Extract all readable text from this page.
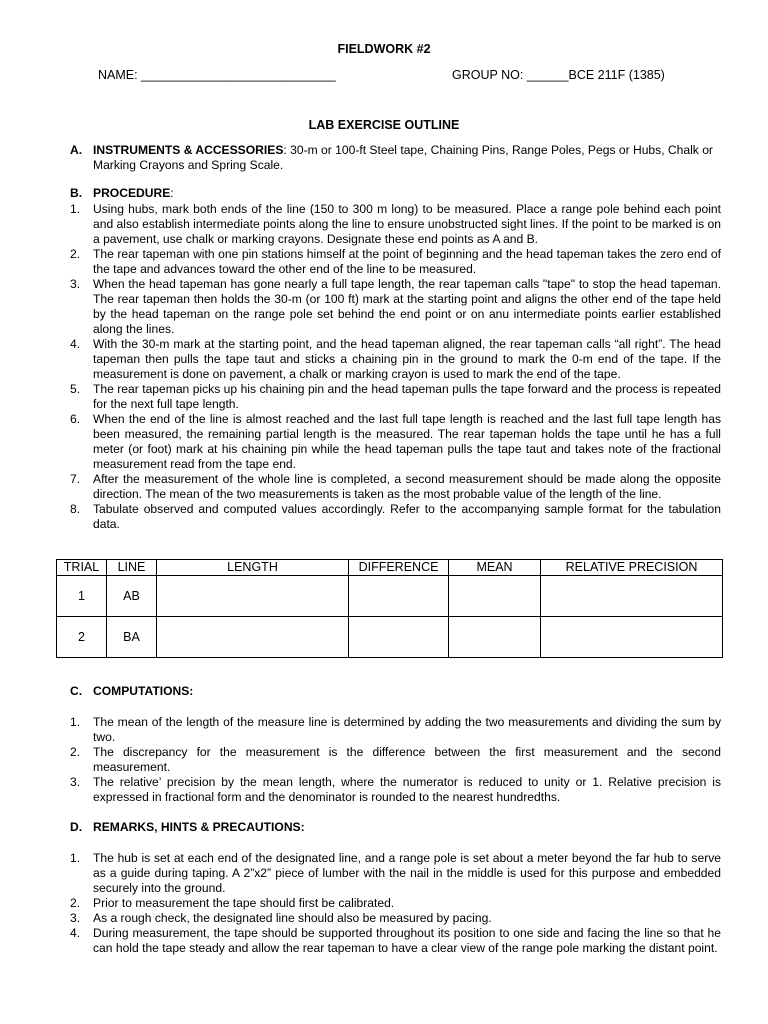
FIELDWORK #2
NAME: ____________________________	GROUP NO: ______BCE 211F (1385)
LAB EXERCISE OUTLINE
A. INSTRUMENTS & ACCESSORIES: 30-m or 100-ft Steel tape, Chaining Pins, Range Poles, Pegs or Hubs, Chalk or Marking Crayons and Spring Scale.
B. PROCEDURE:
1. Using hubs, mark both ends of the line (150 to 300 m long) to be measured. Place a range pole behind each point and also establish intermediate points along the line to ensure unobstructed sight lines. If the point to be marked is on a pavement, use chalk or marking crayons. Designate these end points as A and B.
2. The rear tapeman with one pin stations himself at the point of beginning and the head tapeman takes the zero end of the tape and advances toward the other end of the line to be measured.
3. When the head tapeman has gone nearly a full tape length, the rear tapeman calls "tape" to stop the head tapeman. The rear tapeman then holds the 30-m (or 100 ft) mark at the starting point and aligns the other end of the tape held by the head tapeman on the range pole set behind the end point or on anu intermediate points earlier established along the lines.
4. With the 30-m mark at the starting point, and the head tapeman aligned, the rear tapeman calls “all right”. The head tapeman then pulls the tape taut and sticks a chaining pin in the ground to mark the 0-m end of the tape. If the measurement is done on pavement, a chalk or marking crayon is used to mark the end of the tape.
5. The rear tapeman picks up his chaining pin and the head tapeman pulls the tape forward and the process is repeated for the next full tape length.
6. When the end of the line is almost reached and the last full tape length is reached and the last full tape length has been measured, the remaining partial length is the measured. The rear tapeman holds the tape until he has a full meter (or foot) mark at his chaining pin while the head tapeman pulls the tape taut and takes note of the fractional measurement read from the tape end.
7. After the measurement of the whole line is completed, a second measurement should be made along the opposite direction. The mean of the two measurements is taken as the most probable value of the length of the line.
8. Tabulate observed and computed values accordingly. Refer to the accompanying sample format for the tabulation data.
TRIAL	LINE	LENGTH	DIFFERENCE	MEAN	RELATIVE PRECISION
1	AB				
2	BA				
C. COMPUTATIONS:
1. The mean of the length of the measure line is determined by adding the two measurements and dividing the sum by two.
2. The discrepancy for the measurement is the difference between the first measurement and the second measurement.
3. The relative’ precision by the mean length, where the numerator is reduced to unity or 1. Relative precision is expressed in fractional form and the denominator is rounded to the nearest hundredths.
D. REMARKS, HINTS & PRECAUTIONS:
1. The hub is set at each end of the designated line, and a range pole is set about a meter beyond the far hub to serve as a guide during taping. A 2”x2” piece of lumber with the nail in the middle is used for this purpose and embedded securely into the ground.
2. Prior to measurement the tape should first be calibrated.
3. As a rough check, the designated line should also be measured by pacing.
4. During measurement, the tape should be supported throughout its position to one side and facing the line so that he can hold the tape steady and allow the rear tapeman to have a clear view of the range pole marking the distant point.
